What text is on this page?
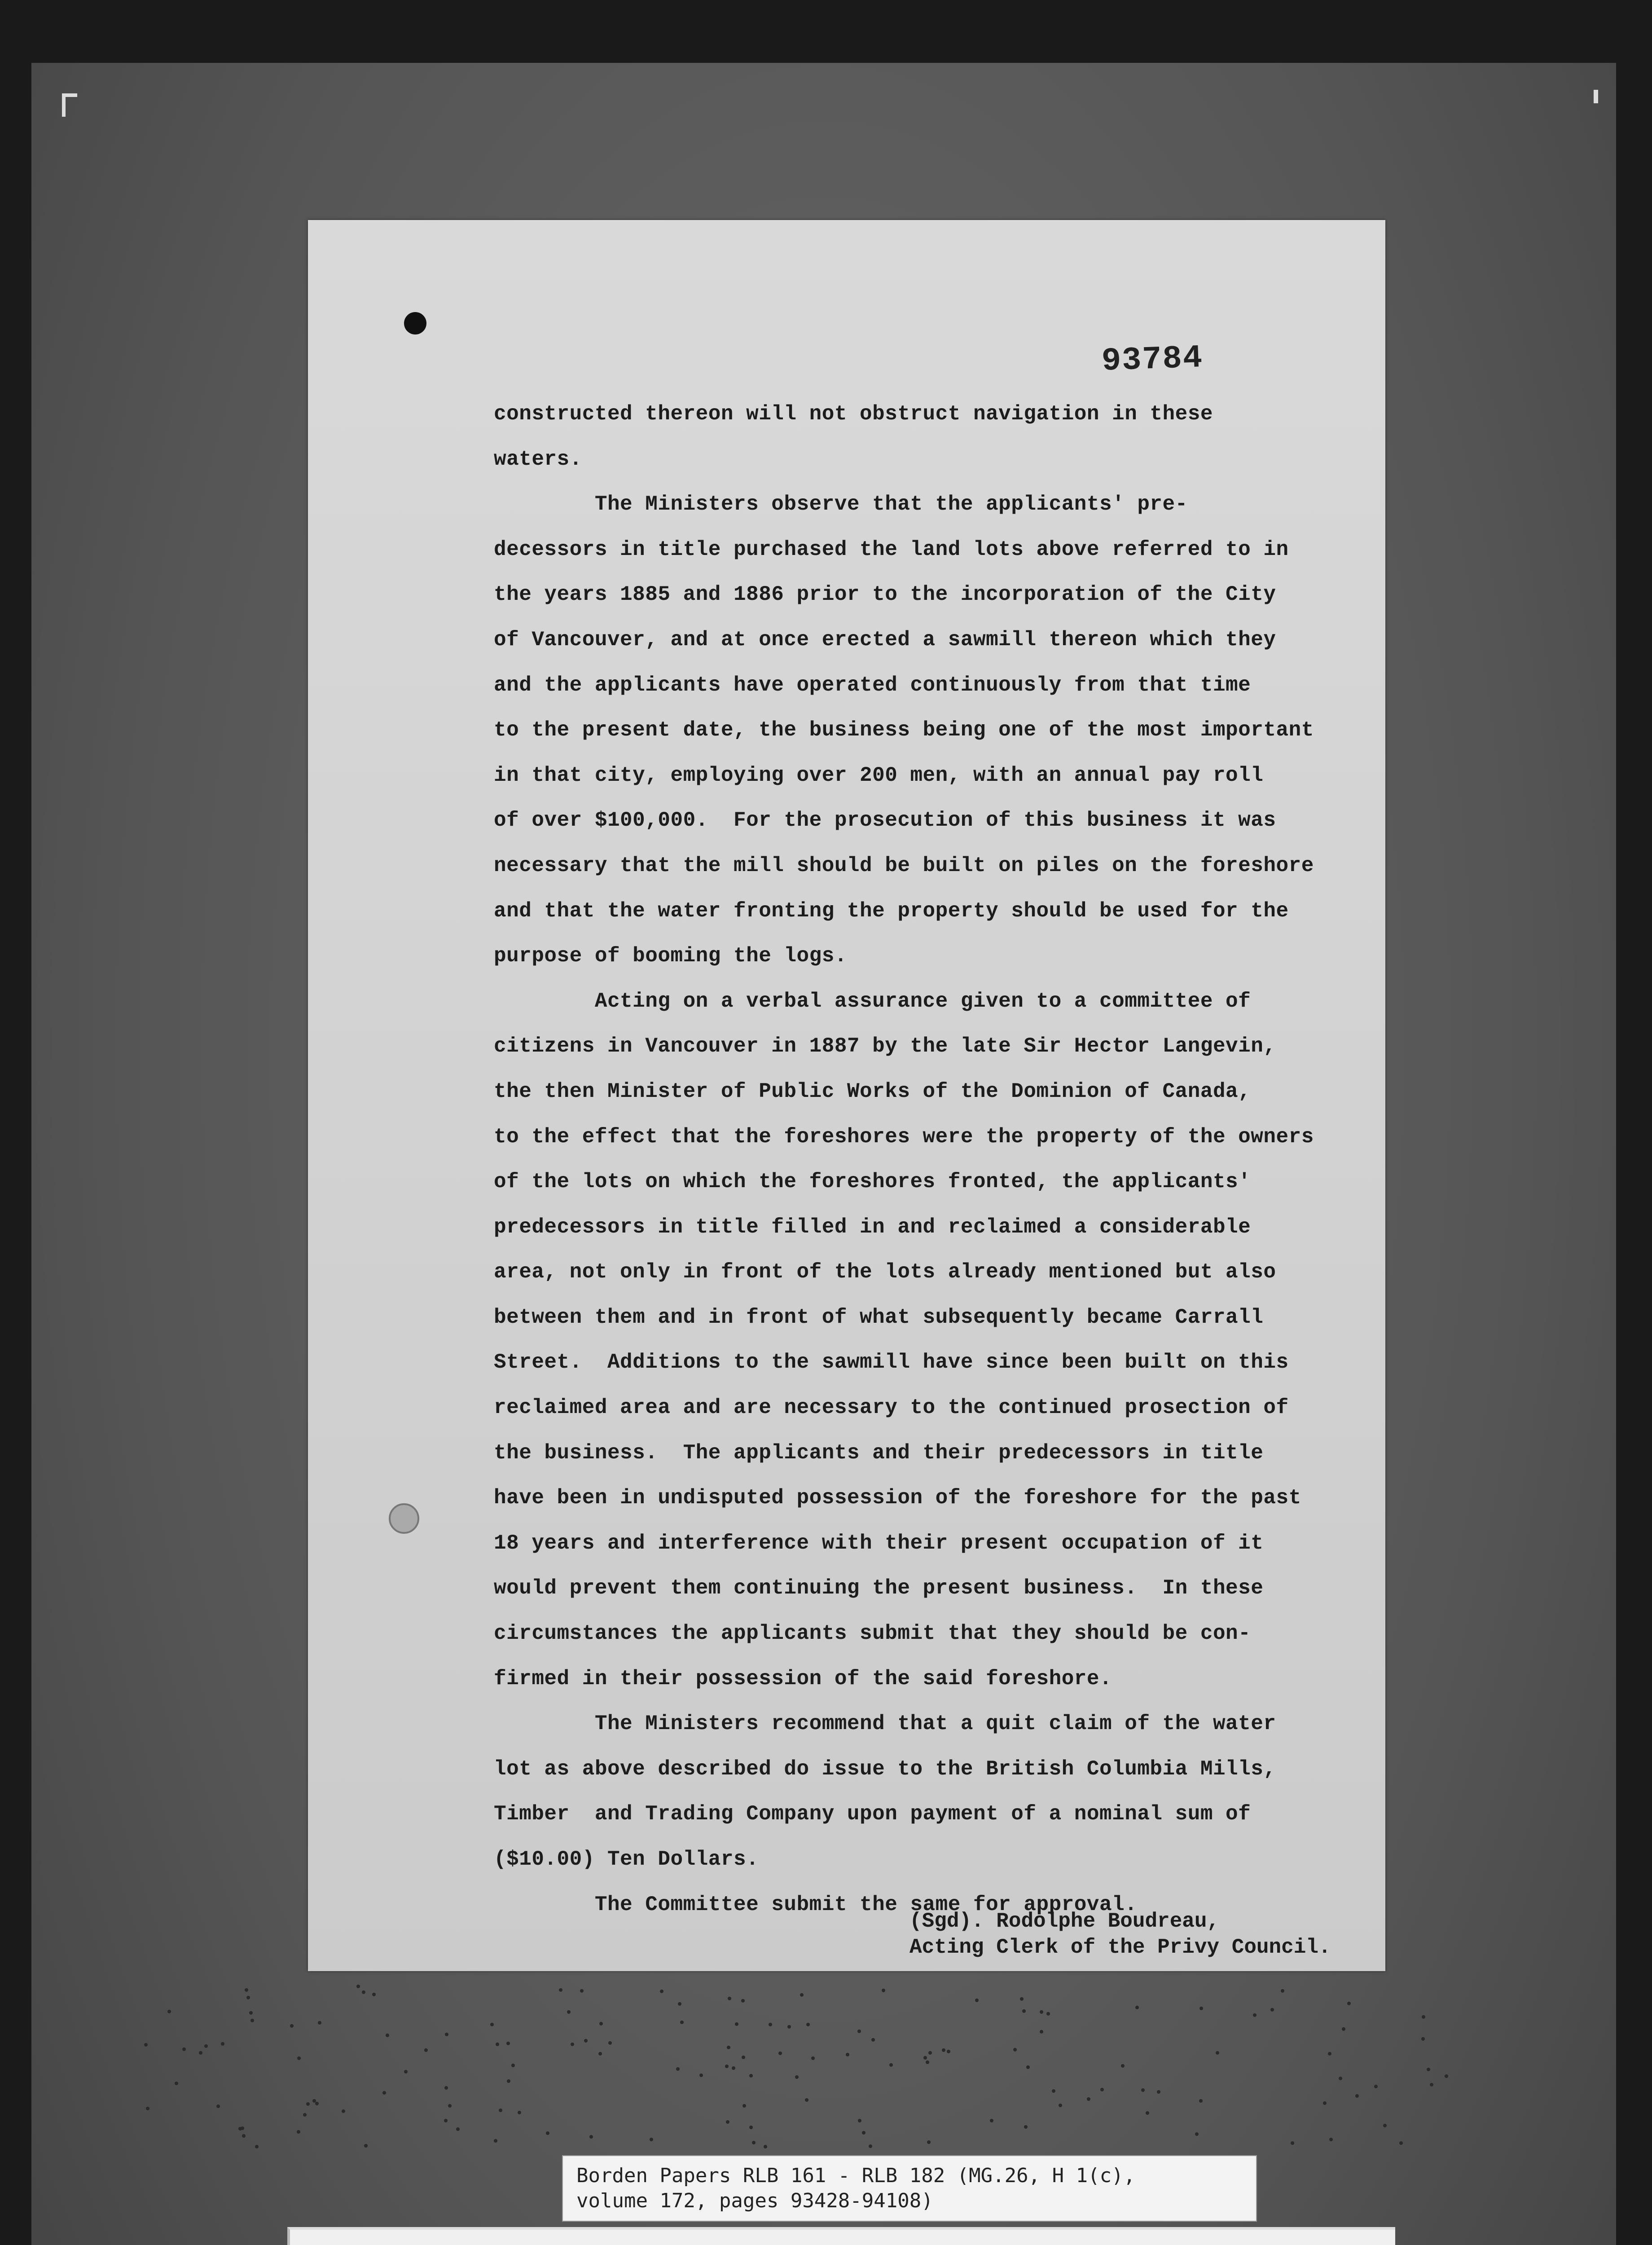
93784
constructed thereon will not obstruct navigation in these
waters.
The Ministers observe that the applicants' pre-
decessors in title purchased the land lots above referred to in
the years 1885 and 1886 prior to the incorporation of the City
of Vancouver, and at once erected a sawmill thereon which they
and the applicants have operated continuously from that time
to the present date, the business being one of the most important
in that city, employing over 200 men, with an annual pay roll
of over $100,000.  For the prosecution of this business it was
necessary that the mill should be built on piles on the foreshore
and that the water fronting the property should be used for the
purpose of booming the logs.
Acting on a verbal assurance given to a committee of
citizens in Vancouver in 1887 by the late Sir Hector Langevin,
the then Minister of Public Works of the Dominion of Canada,
to the effect that the foreshores were the property of the owners
of the lots on which the foreshores fronted, the applicants'
predecessors in title filled in and reclaimed a considerable
area, not only in front of the lots already mentioned but also
between them and in front of what subsequently became Carrall
Street.  Additions to the sawmill have since been built on this
reclaimed area and are necessary to the continued prosection of
the business.  The applicants and their predecessors in title
have been in undisputed possession of the foreshore for the past
18 years and interference with their present occupation of it
would prevent them continuing the present business.  In these
circumstances the applicants submit that they should be con-
firmed in their possession of the said foreshore.
The Ministers recommend that a quit claim of the water
lot as above described do issue to the British Columbia Mills,
Timber  and Trading Company upon payment of a nominal sum of
($10.00) Ten Dollars.
The Committee submit the same for approval.
(Sgd). Rodolphe Boudreau,
Acting Clerk of the Privy Council.
Borden Papers RLB 161 - RLB 182 (MG.26, H 1(c),
volume 172, pages 93428-94108)
